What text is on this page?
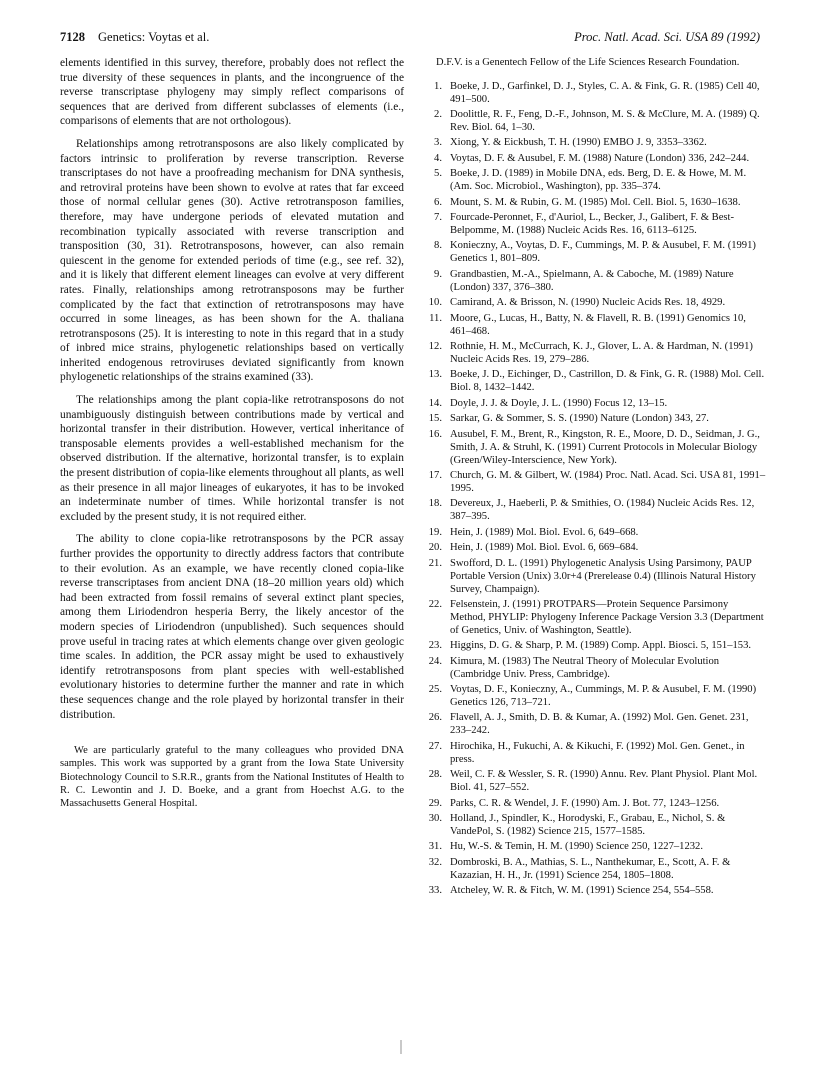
7128 Genetics: Voytas et al.	Proc. Natl. Acad. Sci. USA 89 (1992)

elements identified in this survey, therefore, probably does not reflect the true diversity of these sequences in plants, and the incongruence of the reverse transcriptase phylogeny may simply reflect comparisons of sequences that are derived from different subclasses of elements (i.e., comparisons of elements that are not orthologous).

Relationships among retrotransposons are also likely complicated by factors intrinsic to proliferation by reverse transcription. Reverse transcriptases do not have a proofreading mechanism for DNA synthesis, and retroviral proteins have been shown to evolve at rates that far exceed those of normal cellular genes (30). Active retrotransposon families, therefore, may have undergone periods of elevated mutation and recombination typically associated with reverse transcription and transposition (30, 31). Retrotransposons, however, can also remain quiescent in the genome for extended periods of time (e.g., see ref. 32), and it is likely that different element lineages can evolve at very different rates. Finally, relationships among retrotransposons may be further complicated by the fact that extinction of retrotransposons may have occurred in some lineages, as has been shown for the A. thaliana retrotransposons (25). It is interesting to note in this regard that in a study of inbred mice strains, phylogenetic relationships based on vertically inherited endogenous retroviruses deviated significantly from known phylogenetic relationships of the strains examined (33).

The relationships among the plant copia-like retrotransposons do not unambiguously distinguish between contributions made by vertical and horizontal transfer in their distribution. However, vertical inheritance of transposable elements provides a well-established mechanism for the observed distribution. If the alternative, horizontal transfer, is to explain the present distribution of copia-like elements throughout all plants, as well as their presence in all major lineages of eukaryotes, it has to be invoked an indeterminate number of times. While horizontal transfer is not excluded by the present study, it is not required either.

The ability to clone copia-like retrotransposons by the PCR assay further provides the opportunity to directly address factors that contribute to their evolution. As an example, we have recently cloned copia-like reverse transcriptases from ancient DNA (18–20 million years old) which had been extracted from fossil remains of several extinct plant species, among them Liriodendron hesperia Berry, the likely ancestor of the modern species of Liriodendron (unpublished). Such sequences should prove useful in tracing rates at which elements change over given geologic time scales. In addition, the PCR assay might be used to exhaustively identify retrotransposons from plant species with well-established evolutionary histories to determine further the manner and rate in which these sequences change and the role played by horizontal transfer in their distribution.

We are particularly grateful to the many colleagues who provided DNA samples. This work was supported by a grant from the Iowa State University Biotechnology Council to S.R.R., grants from the National Institutes of Health to R. C. Lewontin and J. D. Boeke, and a grant from Hoechst A.G. to the Massachusetts General Hospital.

D.F.V. is a Genentech Fellow of the Life Sciences Research Foundation.

1. Boeke, J. D., Garfinkel, D. J., Styles, C. A. & Fink, G. R. (1985) Cell 40, 491–500.
2. Doolittle, R. F., Feng, D.-F., Johnson, M. S. & McClure, M. A. (1989) Q. Rev. Biol. 64, 1–30.
3. Xiong, Y. & Eickbush, T. H. (1990) EMBO J. 9, 3353–3362.
4. Voytas, D. F. & Ausubel, F. M. (1988) Nature (London) 336, 242–244.
5. Boeke, J. D. (1989) in Mobile DNA, eds. Berg, D. E. & Howe, M. M. (Am. Soc. Microbiol., Washington), pp. 335–374.
6. Mount, S. M. & Rubin, G. M. (1985) Mol. Cell. Biol. 5, 1630–1638.
7. Fourcade-Peronnet, F., d'Auriol, L., Becker, J., Galibert, F. & Best-Belpomme, M. (1988) Nucleic Acids Res. 16, 6113–6125.
8. Konieczny, A., Voytas, D. F., Cummings, M. P. & Ausubel, F. M. (1991) Genetics 1, 801–809.
9. Grandbastien, M.-A., Spielmann, A. & Caboche, M. (1989) Nature (London) 337, 376–380.
10. Camirand, A. & Brisson, N. (1990) Nucleic Acids Res. 18, 4929.
11. Moore, G., Lucas, H., Batty, N. & Flavell, R. B. (1991) Genomics 10, 461–468.
12. Rothnie, H. M., McCurrach, K. J., Glover, L. A. & Hardman, N. (1991) Nucleic Acids Res. 19, 279–286.
13. Boeke, J. D., Eichinger, D., Castrillon, D. & Fink, G. R. (1988) Mol. Cell. Biol. 8, 1432–1442.
14. Doyle, J. J. & Doyle, J. L. (1990) Focus 12, 13–15.
15. Sarkar, G. & Sommer, S. S. (1990) Nature (London) 343, 27.
16. Ausubel, F. M., Brent, R., Kingston, R. E., Moore, D. D., Seidman, J. G., Smith, J. A. & Struhl, K. (1991) Current Protocols in Molecular Biology (Green/Wiley-Interscience, New York).
17. Church, G. M. & Gilbert, W. (1984) Proc. Natl. Acad. Sci. USA 81, 1991–1995.
18. Devereux, J., Haeberli, P. & Smithies, O. (1984) Nucleic Acids Res. 12, 387–395.
19. Hein, J. (1989) Mol. Biol. Evol. 6, 649–668.
20. Hein, J. (1989) Mol. Biol. Evol. 6, 669–684.
21. Swofford, D. L. (1991) Phylogenetic Analysis Using Parsimony, PAUP Portable Version (Unix) 3.0r+4 (Prerelease 0.4) (Illinois Natural History Survey, Champaign).
22. Felsenstein, J. (1991) PROTPARS—Protein Sequence Parsimony Method, PHYLIP: Phylogeny Inference Package Version 3.3 (Department of Genetics, Univ. of Washington, Seattle).
23. Higgins, D. G. & Sharp, P. M. (1989) Comp. Appl. Biosci. 5, 151–153.
24. Kimura, M. (1983) The Neutral Theory of Molecular Evolution (Cambridge Univ. Press, Cambridge).
25. Voytas, D. F., Konieczny, A., Cummings, M. P. & Ausubel, F. M. (1990) Genetics 126, 713–721.
26. Flavell, A. J., Smith, D. B. & Kumar, A. (1992) Mol. Gen. Genet. 231, 233–242.
27. Hirochika, H., Fukuchi, A. & Kikuchi, F. (1992) Mol. Gen. Genet., in press.
28. Weil, C. F. & Wessler, S. R. (1990) Annu. Rev. Plant Physiol. Plant Mol. Biol. 41, 527–552.
29. Parks, C. R. & Wendel, J. F. (1990) Am. J. Bot. 77, 1243–1256.
30. Holland, J., Spindler, K., Horodyski, F., Grabau, E., Nichol, S. & VandePol, S. (1982) Science 215, 1577–1585.
31. Hu, W.-S. & Temin, H. M. (1990) Science 250, 1227–1232.
32. Dombroski, B. A., Mathias, S. L., Nanthekumar, E., Scott, A. F. & Kazazian, H. H., Jr. (1991) Science 254, 1805–1808.
33. Atcheley, W. R. & Fitch, W. M. (1991) Science 254, 554–558.
